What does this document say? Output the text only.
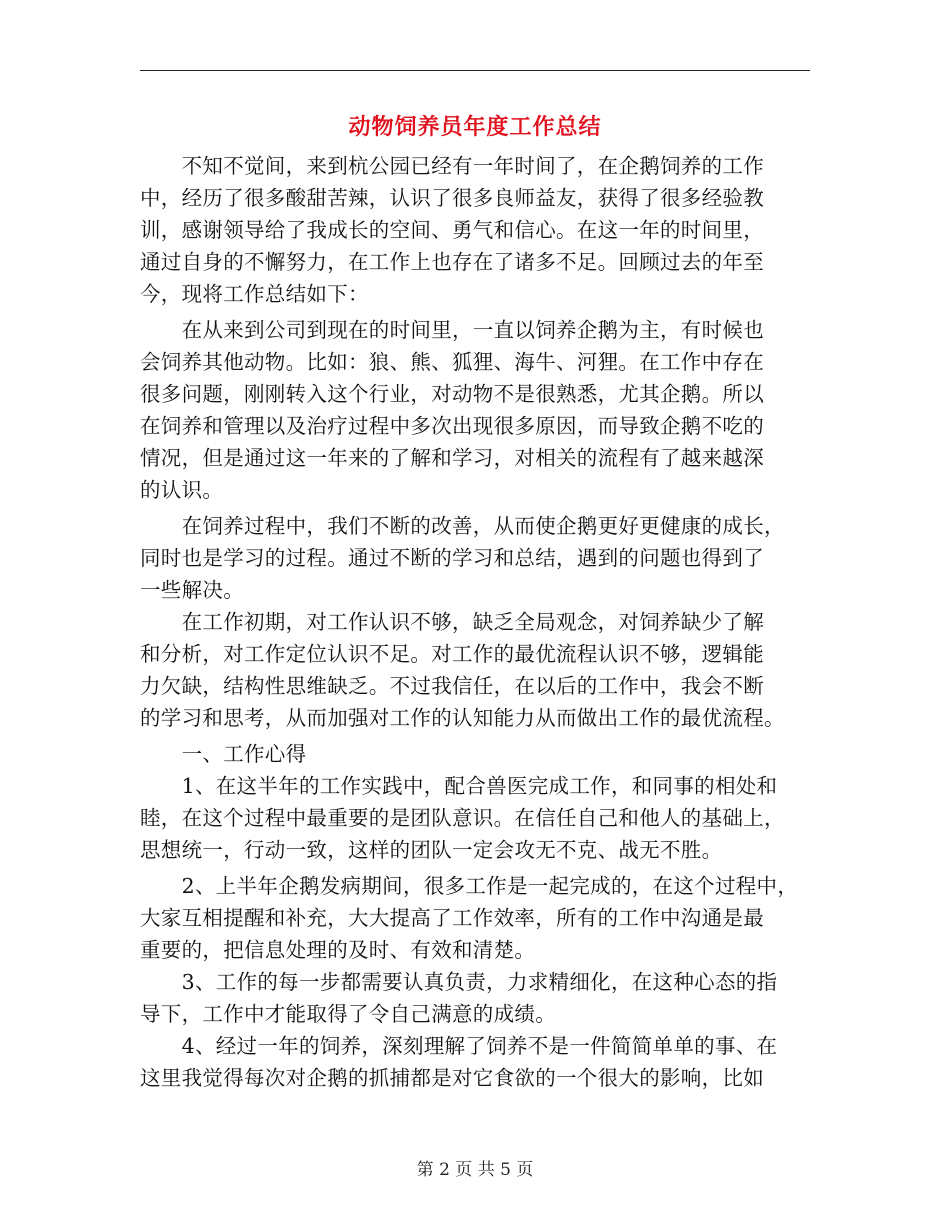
动物饲养员年度工作总结
　　不知不觉间，来到杭公园已经有一年时间了，在企鹅饲养的工作
中，经历了很多酸甜苦辣，认识了很多良师益友，获得了很多经验教
训，感谢领导给了我成长的空间、勇气和信心。在这一年的时间里，
通过自身的不懈努力，在工作上也存在了诸多不足。回顾过去的年至
今，现将工作总结如下：
　　在从来到公司到现在的时间里，一直以饲养企鹅为主，有时候也
会饲养其他动物。比如：狼、熊、狐狸、海牛、河狸。在工作中存在
很多问题，刚刚转入这个行业，对动物不是很熟悉，尤其企鹅。所以
在饲养和管理以及治疗过程中多次出现很多原因，而导致企鹅不吃的
情况，但是通过这一年来的了解和学习，对相关的流程有了越来越深
的认识。
　　在饲养过程中，我们不断的改善，从而使企鹅更好更健康的成长，
同时也是学习的过程。通过不断的学习和总结，遇到的问题也得到了
一些解决。
　　在工作初期，对工作认识不够，缺乏全局观念，对饲养缺少了解
和分析，对工作定位认识不足。对工作的最优流程认识不够，逻辑能
力欠缺，结构性思维缺乏。不过我信任，在以后的工作中，我会不断
的学习和思考，从而加强对工作的认知能力从而做出工作的最优流程。
　　一、工作心得
　　1、在这半年的工作实践中，配合兽医完成工作，和同事的相处和
睦，在这个过程中最重要的是团队意识。在信任自己和他人的基础上，
思想统一，行动一致，这样的团队一定会攻无不克、战无不胜。
　　2、上半年企鹅发病期间，很多工作是一起完成的，在这个过程中，
大家互相提醒和补充，大大提高了工作效率，所有的工作中沟通是最
重要的，把信息处理的及时、有效和清楚。
　　3、工作的每一步都需要认真负责，力求精细化，在这种心态的指
导下，工作中才能取得了令自己满意的成绩。
　　4、经过一年的饲养，深刻理解了饲养不是一件简简单单的事、在
这里我觉得每次对企鹅的抓捕都是对它食欲的一个很大的影响，比如
第 2 页 共 5 页
